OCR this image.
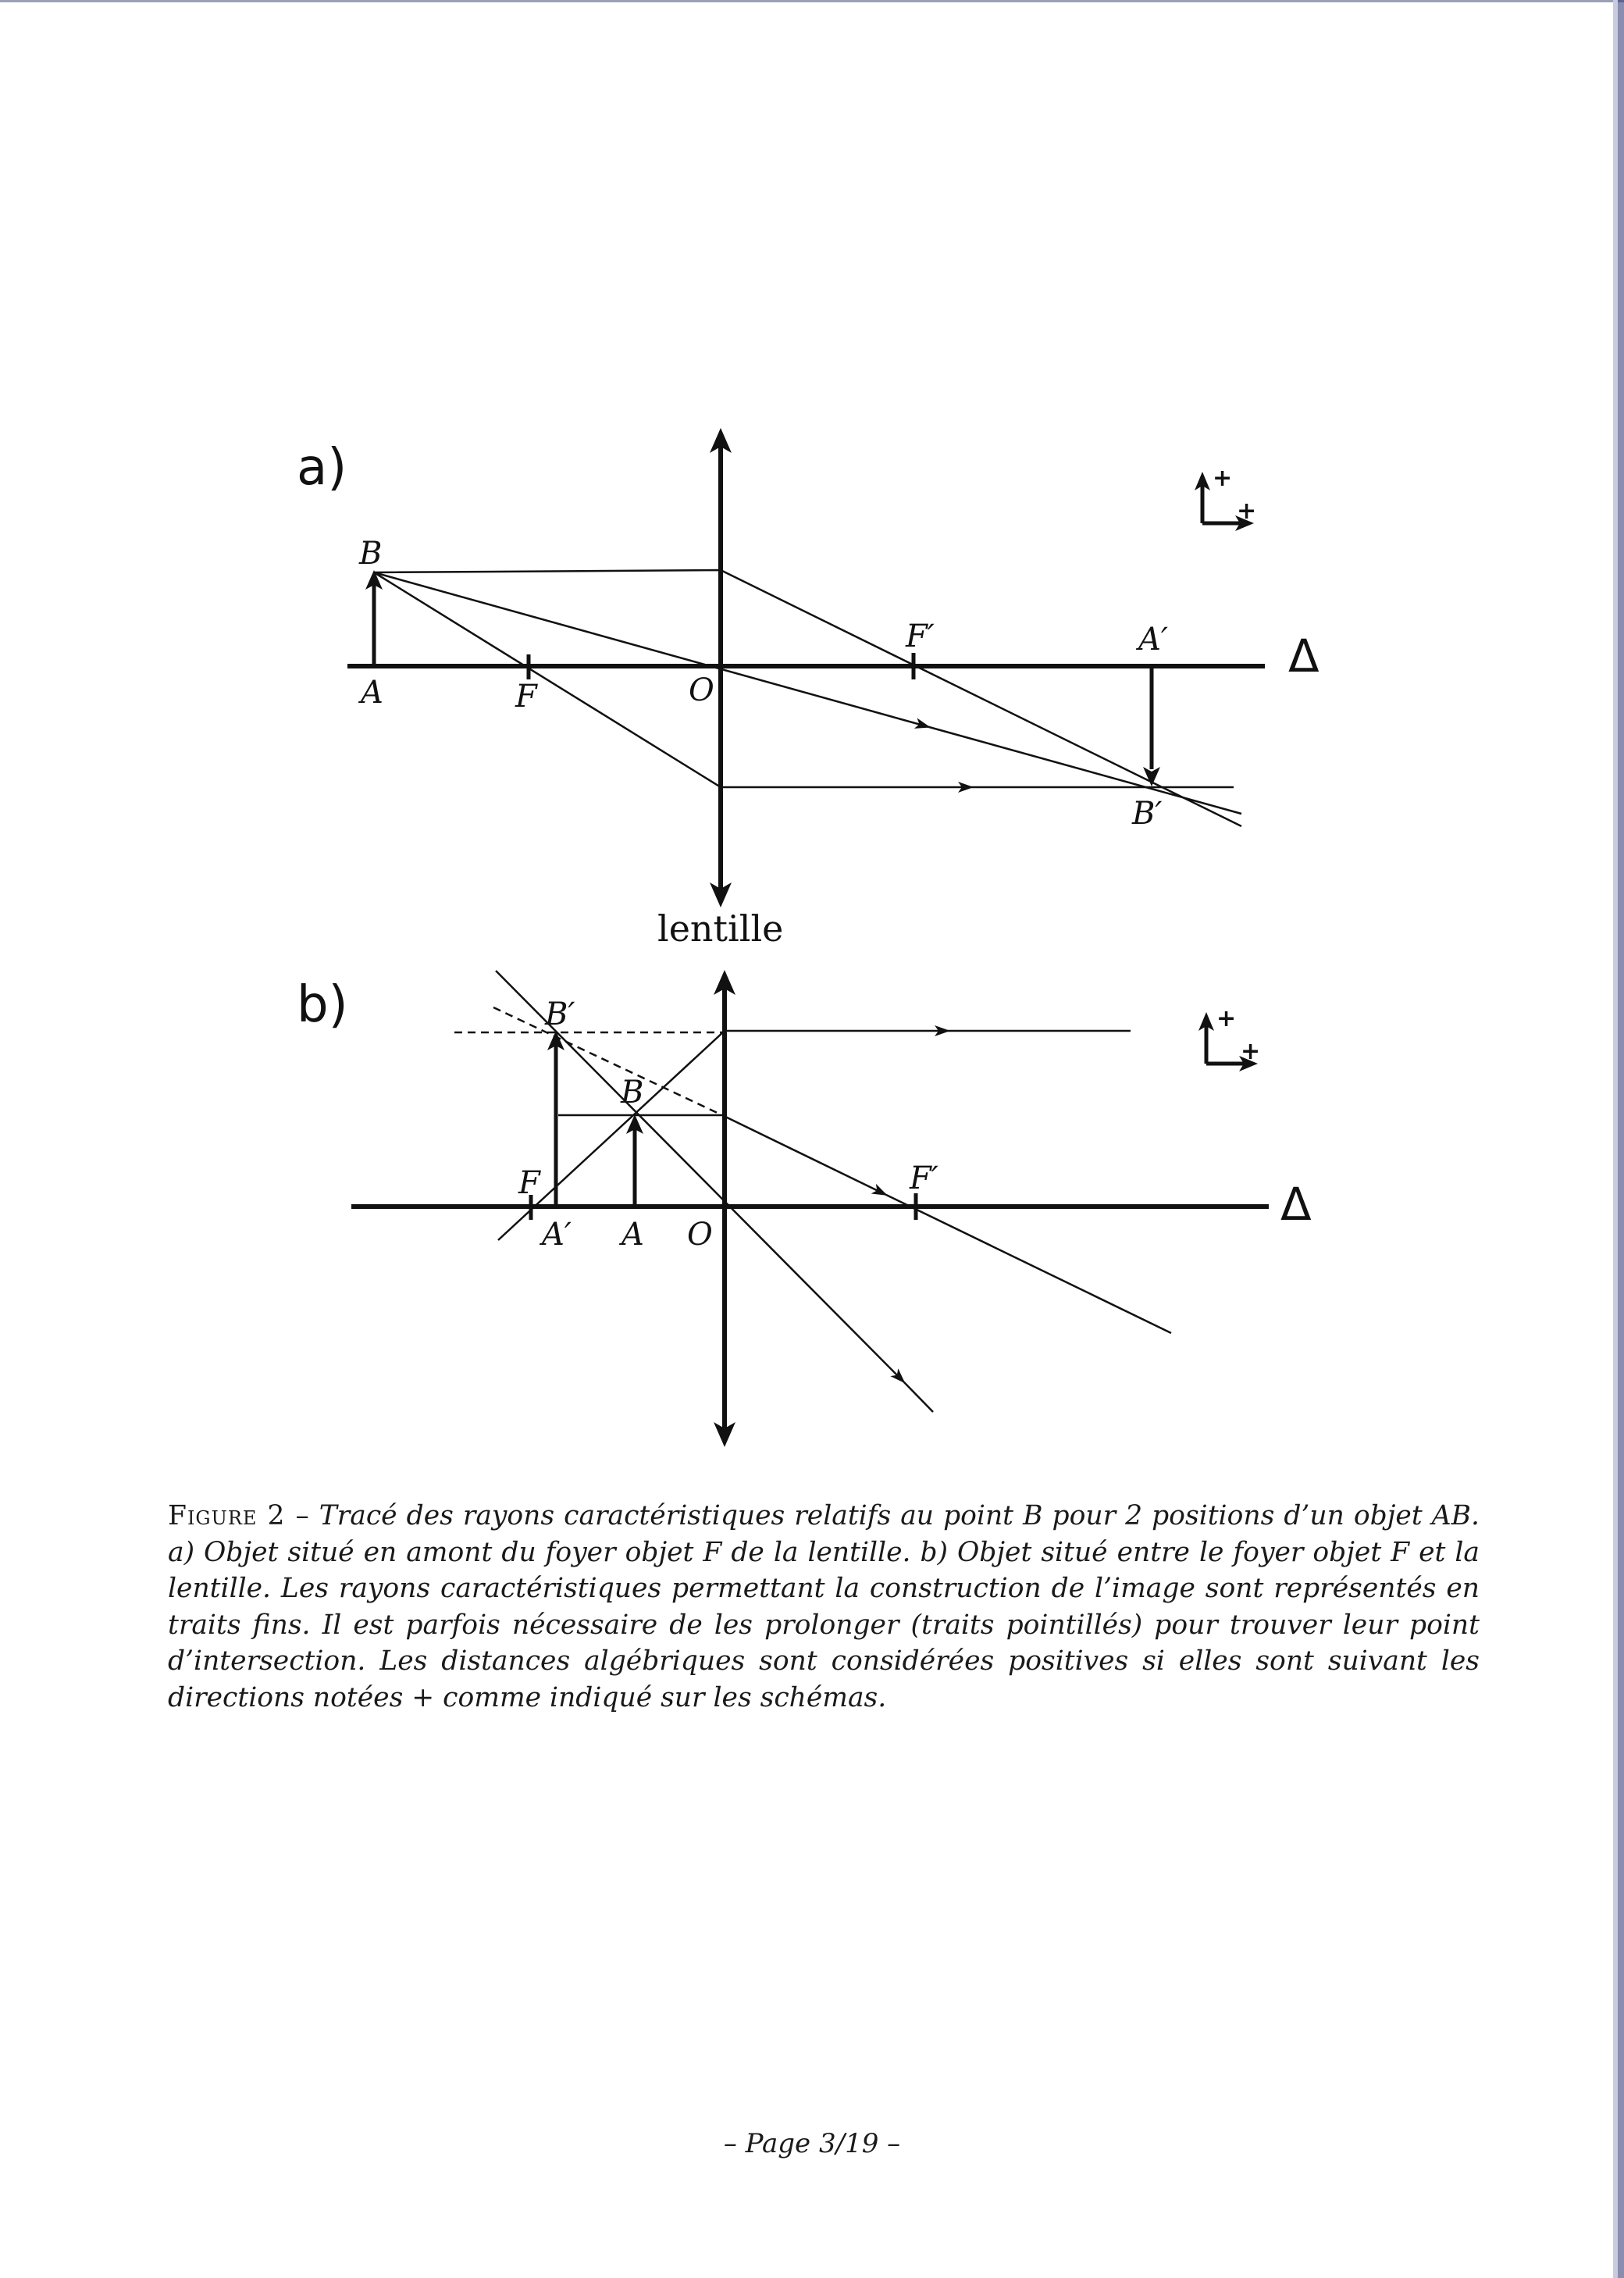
a)
Δ
B
A	F	O
F′	A′
B′
+
+
lentille
b)
Δ
B′
B
F
A′ A O
F′
+
+
Figure 2 – Tracé des rayons caractéristiques relatifs au point B pour 2 positions d’un objet AB. a) Objet situé en amont du foyer objet F de la lentille. b) Objet situé entre le foyer objet F et la lentille. Les rayons caractéristiques permettant la construction de l’image sont représentés en traits fins. Il est parfois nécessaire de les prolonger (traits pointillés) pour trouver leur point d’intersection. Les distances algébriques sont considérées positives si elles sont suivant les directions notées + comme indiqué sur les schémas.
– Page 3/19 –
